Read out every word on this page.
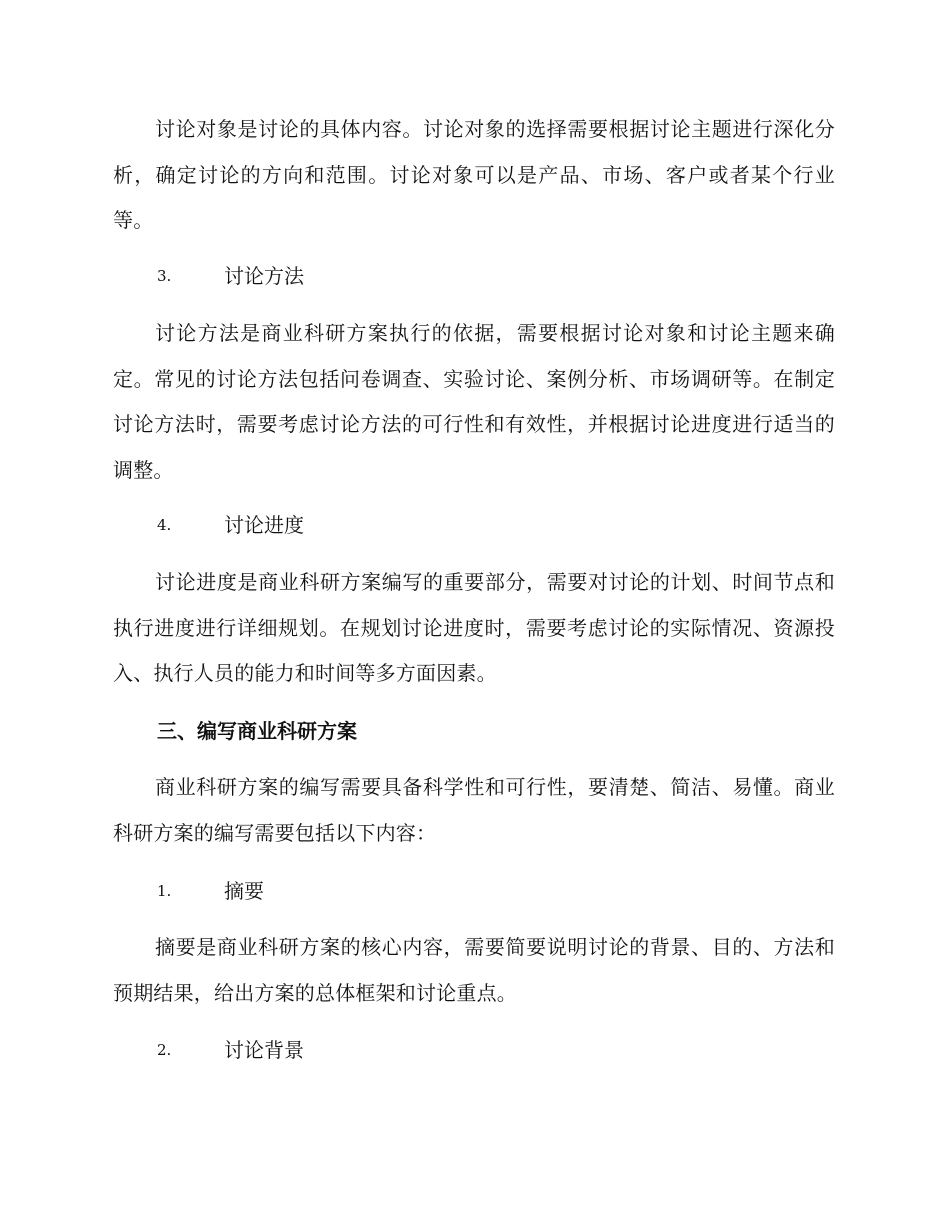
讨论对象是讨论的具体内容。讨论对象的选择需要根据讨论主题进行深化分析，确定讨论的方向和范围。讨论对象可以是产品、市场、客户或者某个行业等。

3.	讨论方法

讨论方法是商业科研方案执行的依据，需要根据讨论对象和讨论主题来确定。常见的讨论方法包括问卷调查、实验讨论、案例分析、市场调研等。在制定讨论方法时，需要考虑讨论方法的可行性和有效性，并根据讨论进度进行适当的调整。

4.	讨论进度

讨论进度是商业科研方案编写的重要部分，需要对讨论的计划、时间节点和执行进度进行详细规划。在规划讨论进度时，需要考虑讨论的实际情况、资源投入、执行人员的能力和时间等多方面因素。

三、编写商业科研方案

商业科研方案的编写需要具备科学性和可行性，要清楚、简洁、易懂。商业科研方案的编写需要包括以下内容：

1.	摘要

摘要是商业科研方案的核心内容，需要简要说明讨论的背景、目的、方法和预期结果，给出方案的总体框架和讨论重点。

2.	讨论背景
